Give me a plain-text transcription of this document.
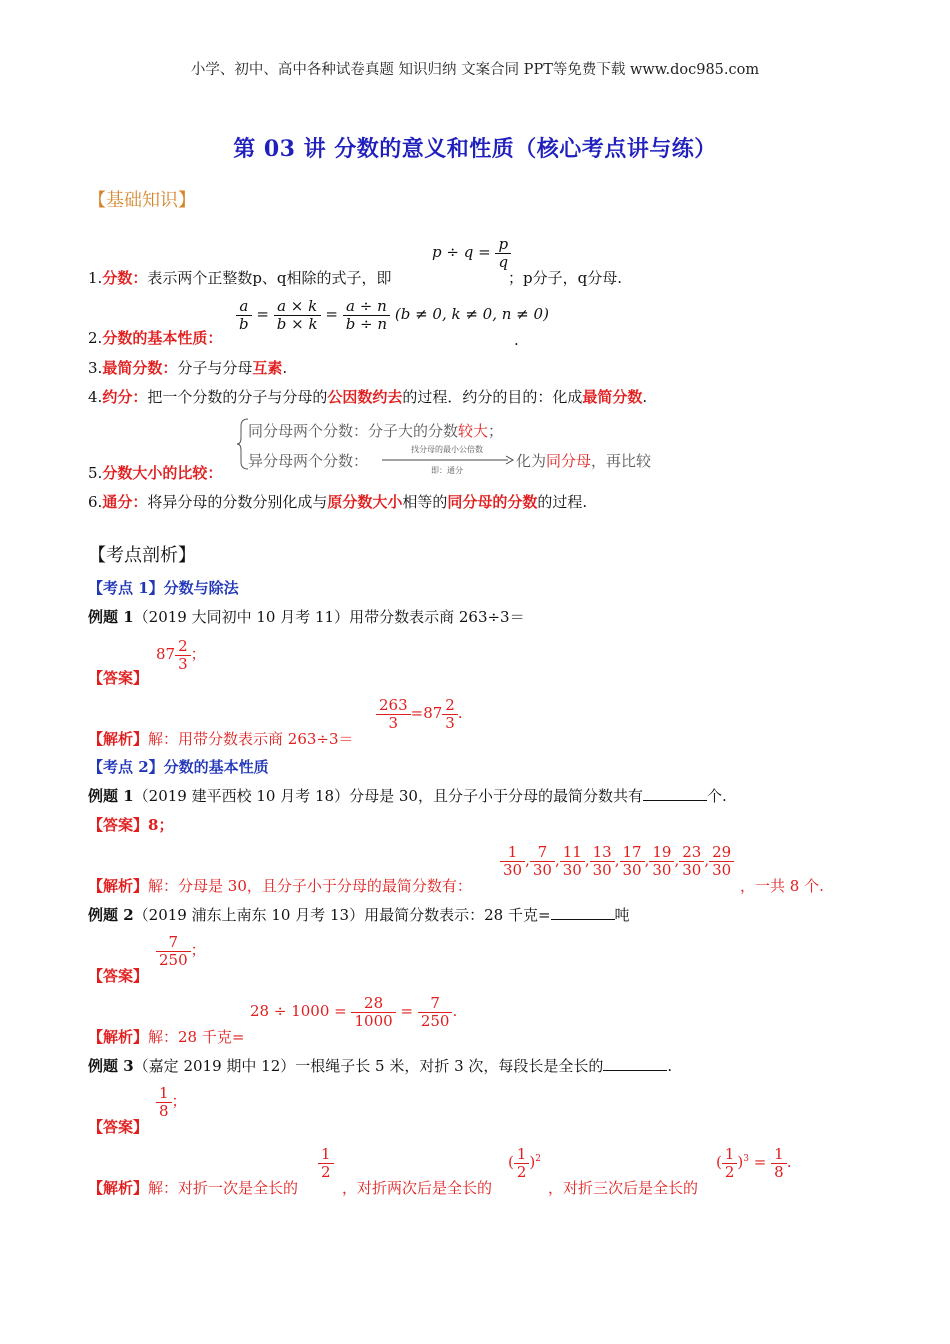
小学、初中、高中各种试卷真题 知识归纳 文案合同 PPT等免费下载 www.doc985.com
第 03 讲 分数的意义和性质（核心考点讲与练）
【基础知识】
1.分数：表示两个正整数p、q相除的式子，即
$p \div q = \frac{p}{q}$
；p分子，q分母.
2.分数的基本性质：
$\frac{a}{b} = \frac{a \times k}{b \times k} = \frac{a \div n}{b \div n} (b \ne 0$, k ≠ 0, n ≠ 0)
.
3.最简分数：分子与分母互素.
4.约分：把一个分数的分子与分母的公因数约去的过程．约分的目的：化成最简分数.
同分母两个分数：分子大的分数较大；
异分母两个分数：
找分母的最小公倍数
即：通分
化为同分母，再比较
5.分数大小的比较：
6.通分：将异分母的分数分别化成与原分数大小相等的同分母的分数的过程.
【考点剖析】
【考点 1】分数与除法
例题 1（2019 大同初中 10 月考 11）用带分数表示商 263÷3＝
【答案】
$87 \frac{2}{3}$ ；
【解析】解：用带分数表示商 263÷3＝
$\frac{263}{3} =87 \frac{2}{3}$ .
【考点 2】分数的基本性质
例题 1（2019 建平西校 10 月考 18）分母是 30，且分子小于分母的最简分数共有	个.
【答案】8；
【解析】解：分母是 30，且分子小于分母的最简分数有：
$\frac{1}{30}$ , $\frac{7}{30}$ , $\frac{11}{30}$ , $\frac{13}{30}$ , $\frac{17}{30}$ , $\frac{19}{30}$ , $\frac{23}{30}$ , $\frac{29}{30}$
，一共 8 个.
例题 2（2019 浦东上南东 10 月考 13）用最简分数表示：28 千克=	吨
【答案】
$\frac{7}{250}$ ；
【解析】解：28 千克=
$28 \div 1000 = \frac{28}{1000} = \frac{7}{250}$ .
例题 3（嘉定 2019 期中 12）一根绳子长 5 米，对折 3 次，每段长是全长的	.
【答案】
$\frac{1}{8}$ ；
【解析】解：对折一次是全长的
$\frac{1}{2}$
，对折两次后是全长的
( $\frac{1}{2} )^2$
，对折三次后是全长的
( $\frac{1}{2} )^3 = \frac{1}{8}$ .
